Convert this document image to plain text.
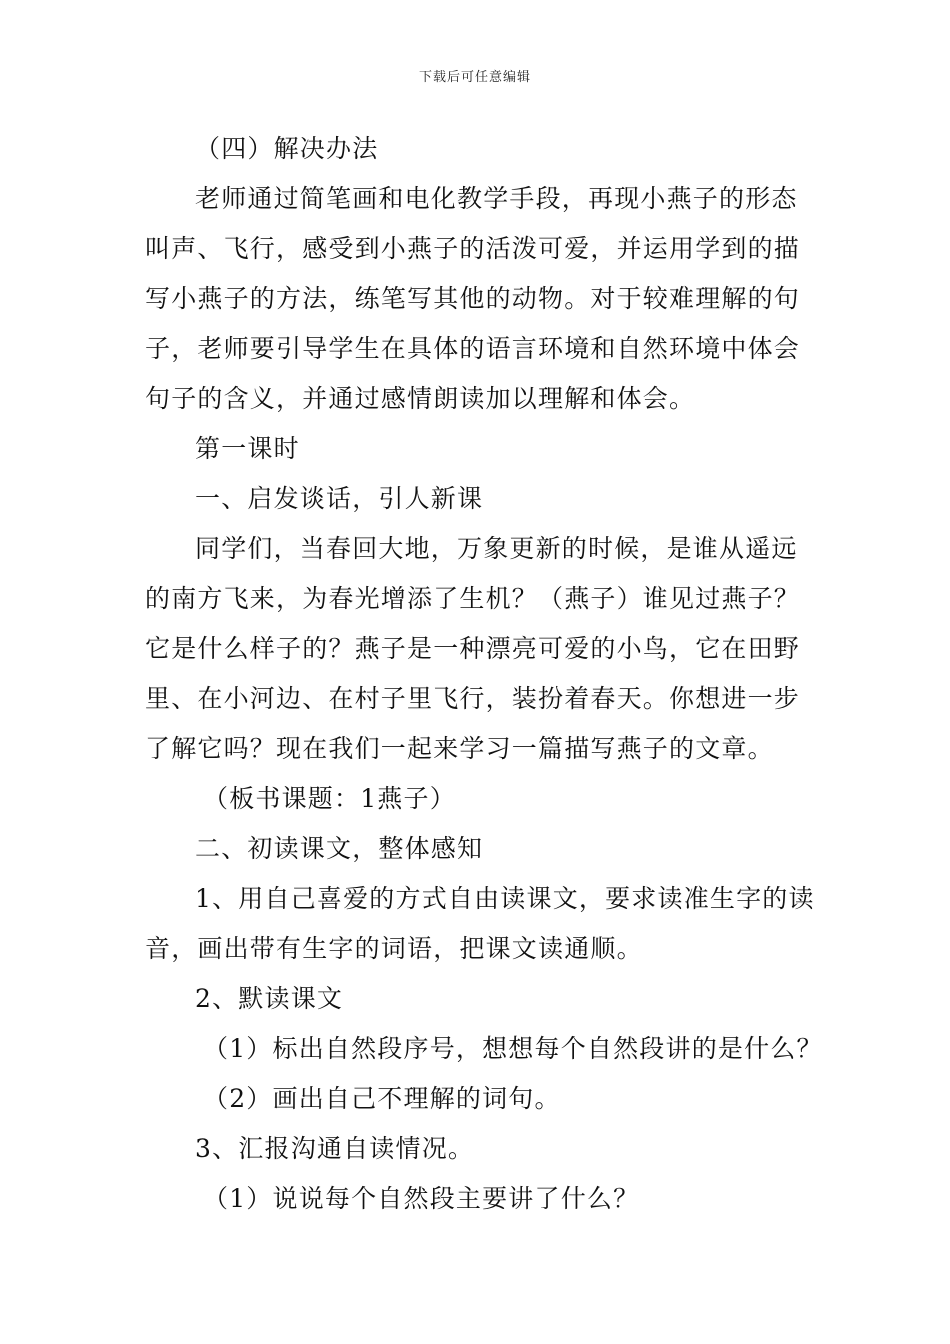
下载后可任意编辑
（四）解决办法
老师通过简笔画和电化教学手段，再现小燕子的形态
叫声、飞行，感受到小燕子的活泼可爱，并运用学到的描
写小燕子的方法，练笔写其他的动物。对于较难理解的句
子，老师要引导学生在具体的语言环境和自然环境中体会
句子的含义，并通过感情朗读加以理解和体会。
第一课时
一、启发谈话，引人新课
同学们，当春回大地，万象更新的时候，是谁从遥远
的南方飞来，为春光增添了生机？（燕子）谁见过燕子？
它是什么样子的？燕子是一种漂亮可爱的小鸟，它在田野
里、在小河边、在村子里飞行，装扮着春天。你想进一步
了解它吗？现在我们一起来学习一篇描写燕子的文章。
（板书课题：1燕子）
二、初读课文，整体感知
1、用自己喜爱的方式自由读课文，要求读准生字的读
音，画出带有生字的词语，把课文读通顺。
2、默读课文
（1）标出自然段序号，想想每个自然段讲的是什么？
（2）画出自己不理解的词句。
3、汇报沟通自读情况。
（1）说说每个自然段主要讲了什么？
